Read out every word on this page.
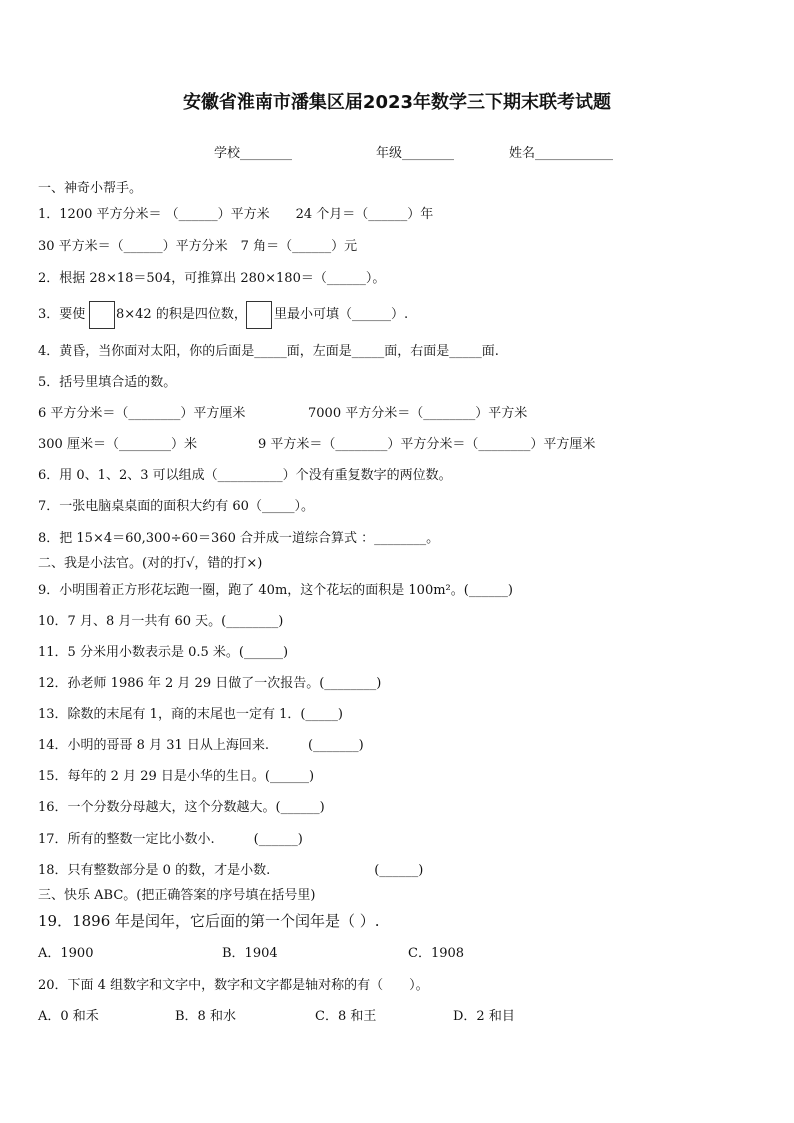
安徽省淮南市潘集区届2023年数学三下期末联考试题
学校________	年级________	姓名____________
一、神奇小帮手。
1．1200 平方分米＝ （______）平方米　　24 个月＝（______）年
30 平方米＝（______）平方分米　7 角＝（______）元
2．根据 28×18＝504，可推算出 280×180＝（______）。
3．要使 8×42 的积是四位数， 里最小可填（______）.
4．黄昏，当你面对太阳，你的后面是_____面，左面是_____面，右面是_____面.
5．括号里填合适的数。
6 平方分米＝（________）平方厘米	7000 平方分米＝（________）平方米
300 厘米＝（________）米	9 平方米＝（________）平方分米＝（________）平方厘米
6．用 0、1、2、3 可以组成（__________）个没有重复数字的两位数。
7．一张电脑桌桌面的面积大约有 60（_____）。
8．把 15×4＝60,300÷60＝360 合并成一道综合算式 ：________。
二、我是小法官。(对的打√，错的打×)
9．小明围着正方形花坛跑一圈，跑了 40m，这个花坛的面积是 100m²。(______)
10．7 月、8 月一共有 60 天。(________)
11．5 分米用小数表示是 0.5 米。(______)
12．孙老师 1986 年 2 月 29 日做了一次报告。(________)
13．除数的末尾有 1，商的末尾也一定有 1．(_____)
14．小明的哥哥 8 月 31 日从上海回来.　　　(_______)
15．每年的 2 月 29 日是小华的生日。(______)
16．一个分数分母越大，这个分数越大。(______)
17．所有的整数一定比小数小.　　　(______)
18．只有整数部分是 0 的数，才是小数.　　　　　　　　(______)
三、快乐 ABC。(把正确答案的序号填在括号里)
19．1896 年是闰年，它后面的第一个闰年是（ ）.
A．1900	B．1904	C．1908
20．下面 4 组数字和文字中，数字和文字都是轴对称的有（　　）。
A．0 和禾	B．8 和水	C．8 和王	D．2 和目
